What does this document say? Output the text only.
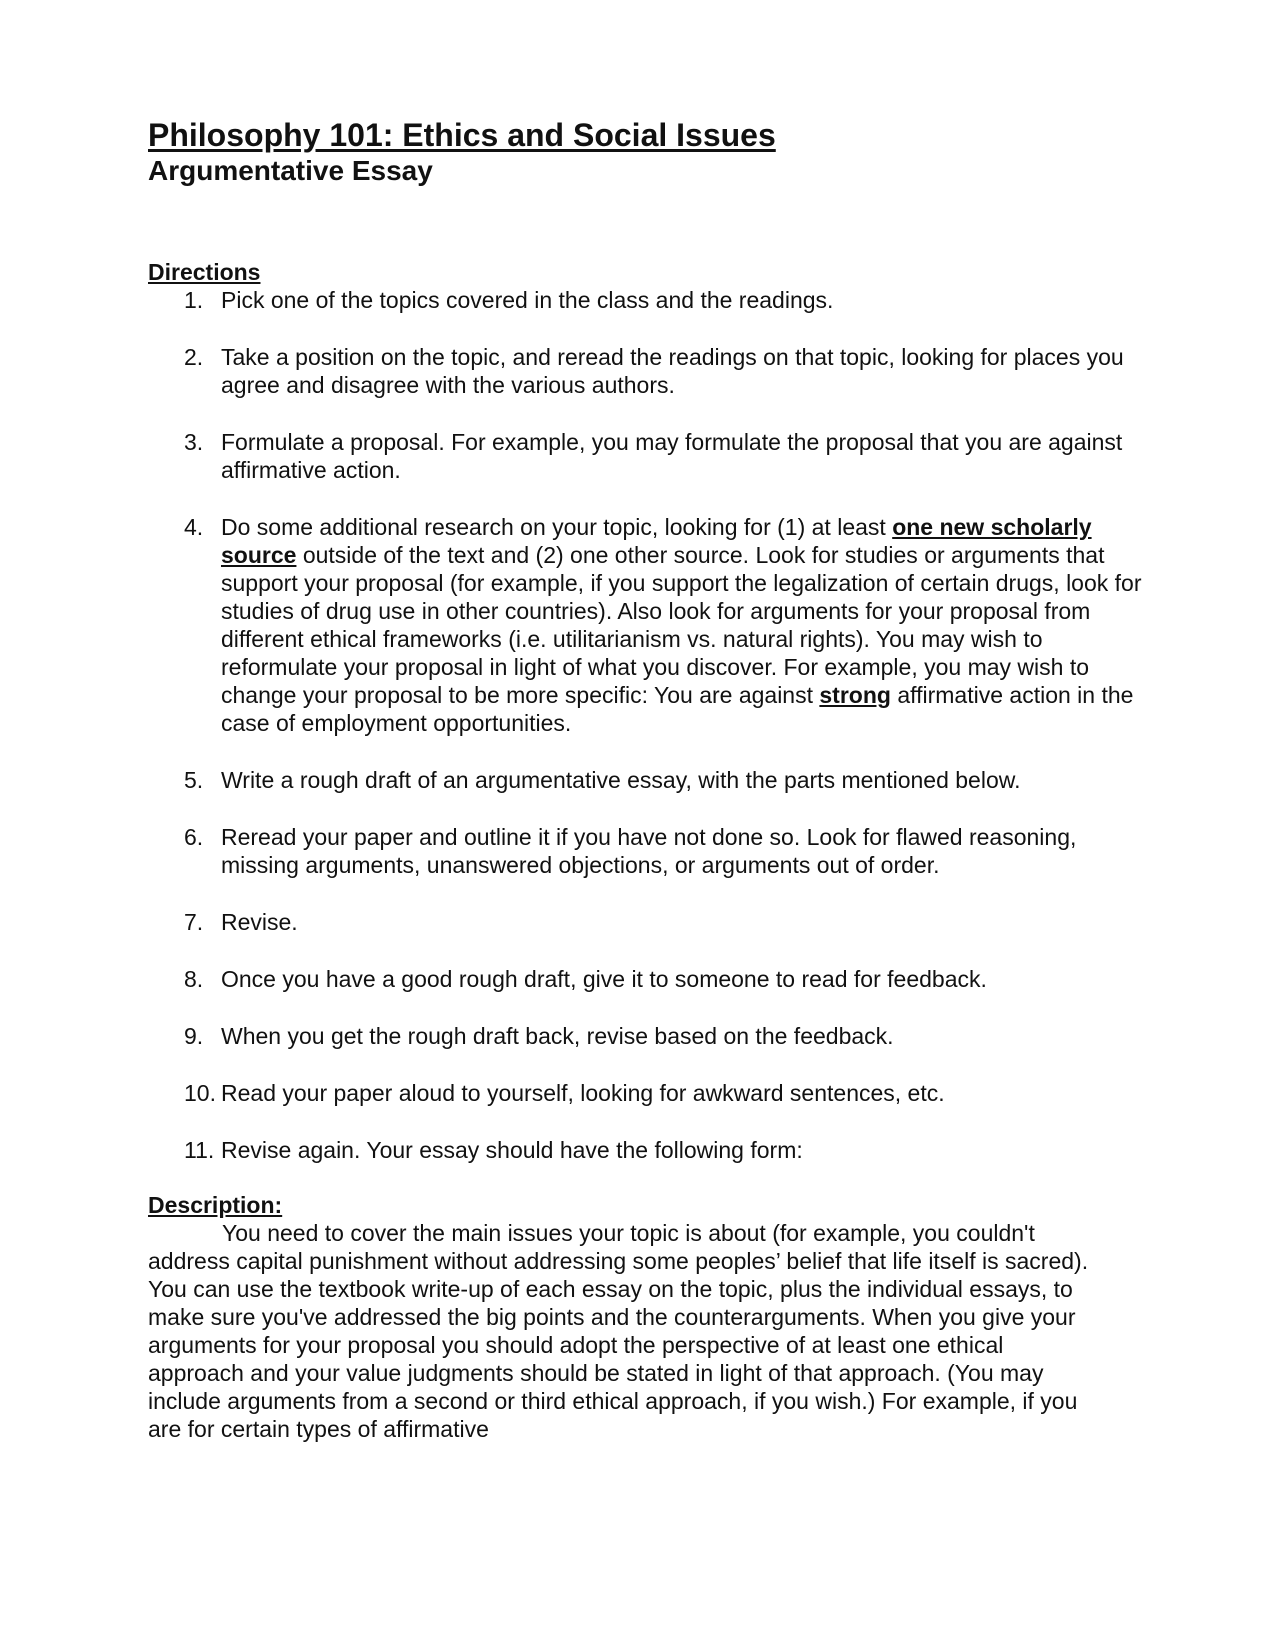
Philosophy 101: Ethics and Social Issues
Argumentative Essay
Directions
1. Pick one of the topics covered in the class and the readings.
2. Take a position on the topic, and reread the readings on that topic, looking for places you agree and disagree with the various authors.
3. Formulate a proposal. For example, you may formulate the proposal that you are against affirmative action.
4. Do some additional research on your topic, looking for (1) at least one new scholarly source outside of the text and (2) one other source. Look for studies or arguments that support your proposal (for example, if you support the legalization of certain drugs, look for studies of drug use in other countries). Also look for arguments for your proposal from different ethical frameworks (i.e. utilitarianism vs. natural rights). You may wish to reformulate your proposal in light of what you discover. For example, you may wish to change your proposal to be more specific: You are against strong affirmative action in the case of employment opportunities.
5. Write a rough draft of an argumentative essay, with the parts mentioned below.
6. Reread your paper and outline it if you have not done so. Look for flawed reasoning, missing arguments, unanswered objections, or arguments out of order.
7. Revise.
8. Once you have a good rough draft, give it to someone to read for feedback.
9. When you get the rough draft back, revise based on the feedback.
10. Read your paper aloud to yourself, looking for awkward sentences, etc.
11. Revise again. Your essay should have the following form:
Description:

You need to cover the main issues your topic is about (for example, you couldn't address capital punishment without addressing some peoples’ belief that life itself is sacred). You can use the textbook write-up of each essay on the topic, plus the individual essays, to make sure you've addressed the big points and the counterarguments. When you give your arguments for your proposal you should adopt the perspective of at least one ethical approach and your value judgments should be stated in light of that approach. (You may include arguments from a second or third ethical approach, if you wish.) For example, if you are for certain types of affirmative
